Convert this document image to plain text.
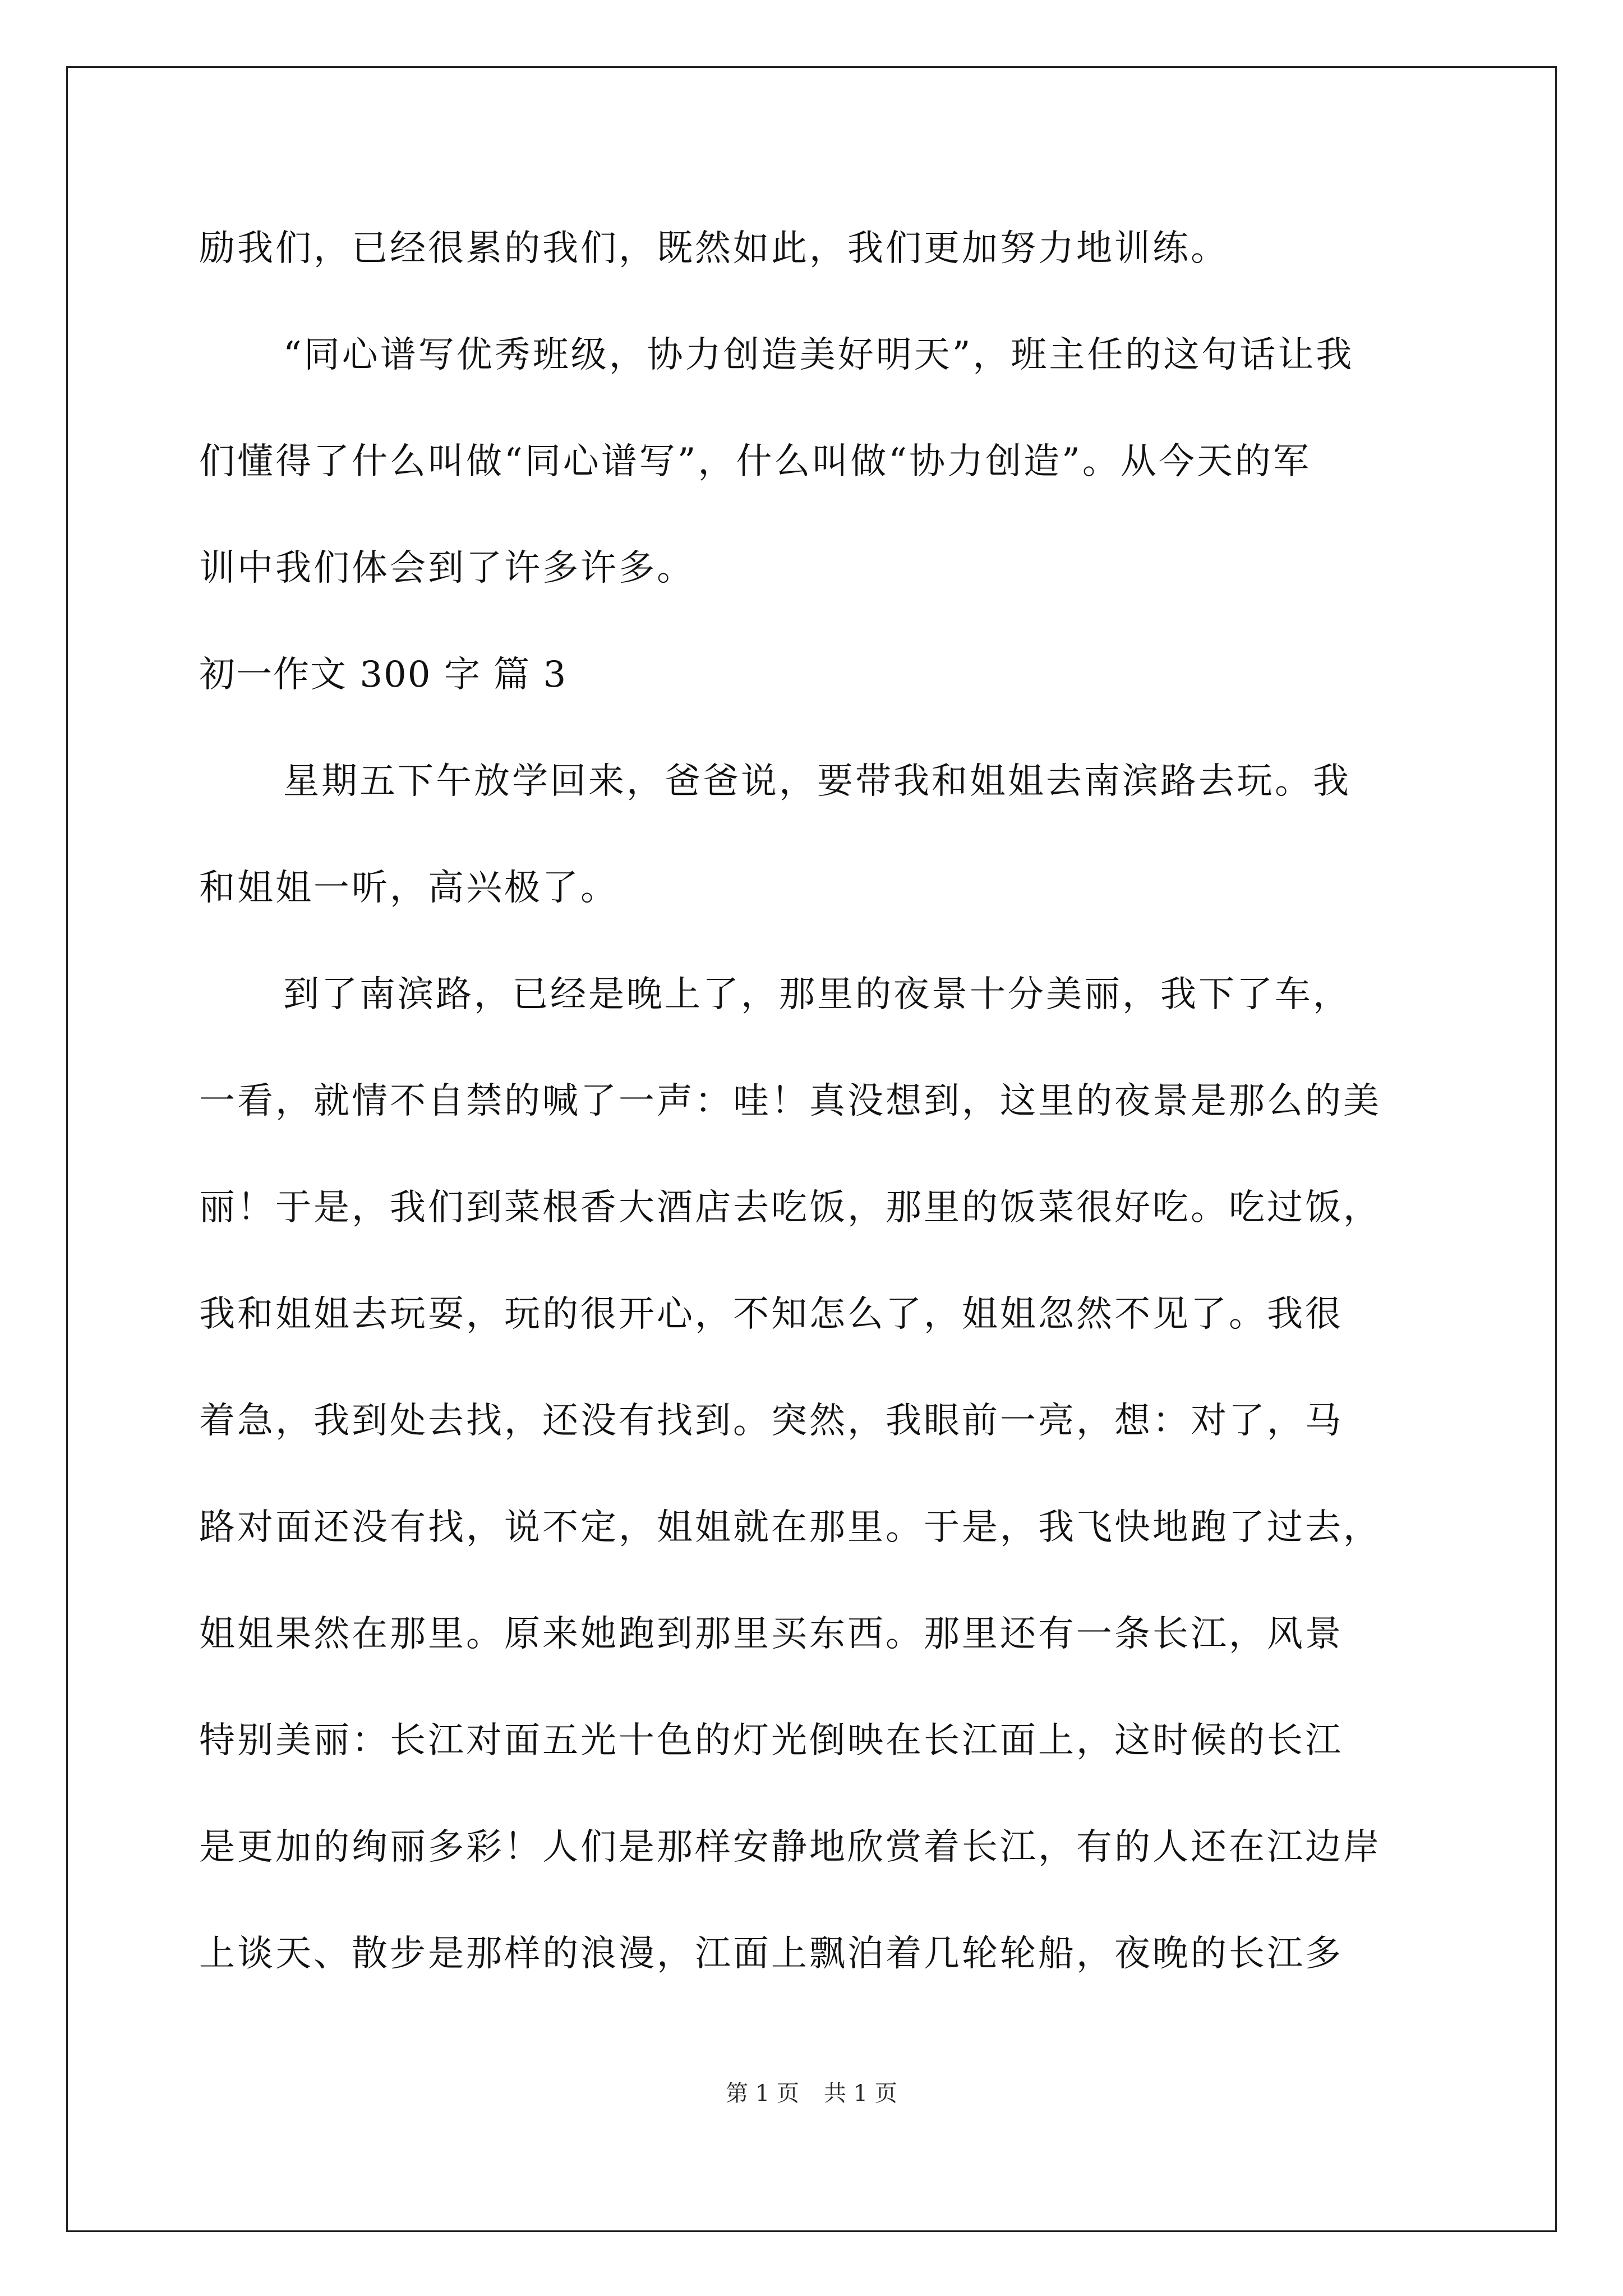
励我们，已经很累的我们，既然如此，我们更加努力地训练。
“同心谱写优秀班级，协力创造美好明天”，班主任的这句话让我
们懂得了什么叫做“同心谱写”，什么叫做“协力创造”。从今天的军
训中我们体会到了许多许多。
初一作文 300 字 篇 3
星期五下午放学回来，爸爸说，要带我和姐姐去南滨路去玩。我
和姐姐一听，高兴极了。
到了南滨路，已经是晚上了，那里的夜景十分美丽，我下了车，
一看，就情不自禁的喊了一声：哇！真没想到，这里的夜景是那么的美
丽！于是，我们到菜根香大酒店去吃饭，那里的饭菜很好吃。吃过饭，
我和姐姐去玩耍，玩的很开心，不知怎么了，姐姐忽然不见了。我很
着急，我到处去找，还没有找到。突然，我眼前一亮，想：对了，马
路对面还没有找，说不定，姐姐就在那里。于是，我飞快地跑了过去，
姐姐果然在那里。原来她跑到那里买东西。那里还有一条长江，风景
特别美丽：长江对面五光十色的灯光倒映在长江面上，这时候的长江
是更加的绚丽多彩！人们是那样安静地欣赏着长江，有的人还在江边岸
上谈天、散步是那样的浪漫，江面上飘泊着几轮轮船，夜晚的长江多
第 1 页 共 1 页
